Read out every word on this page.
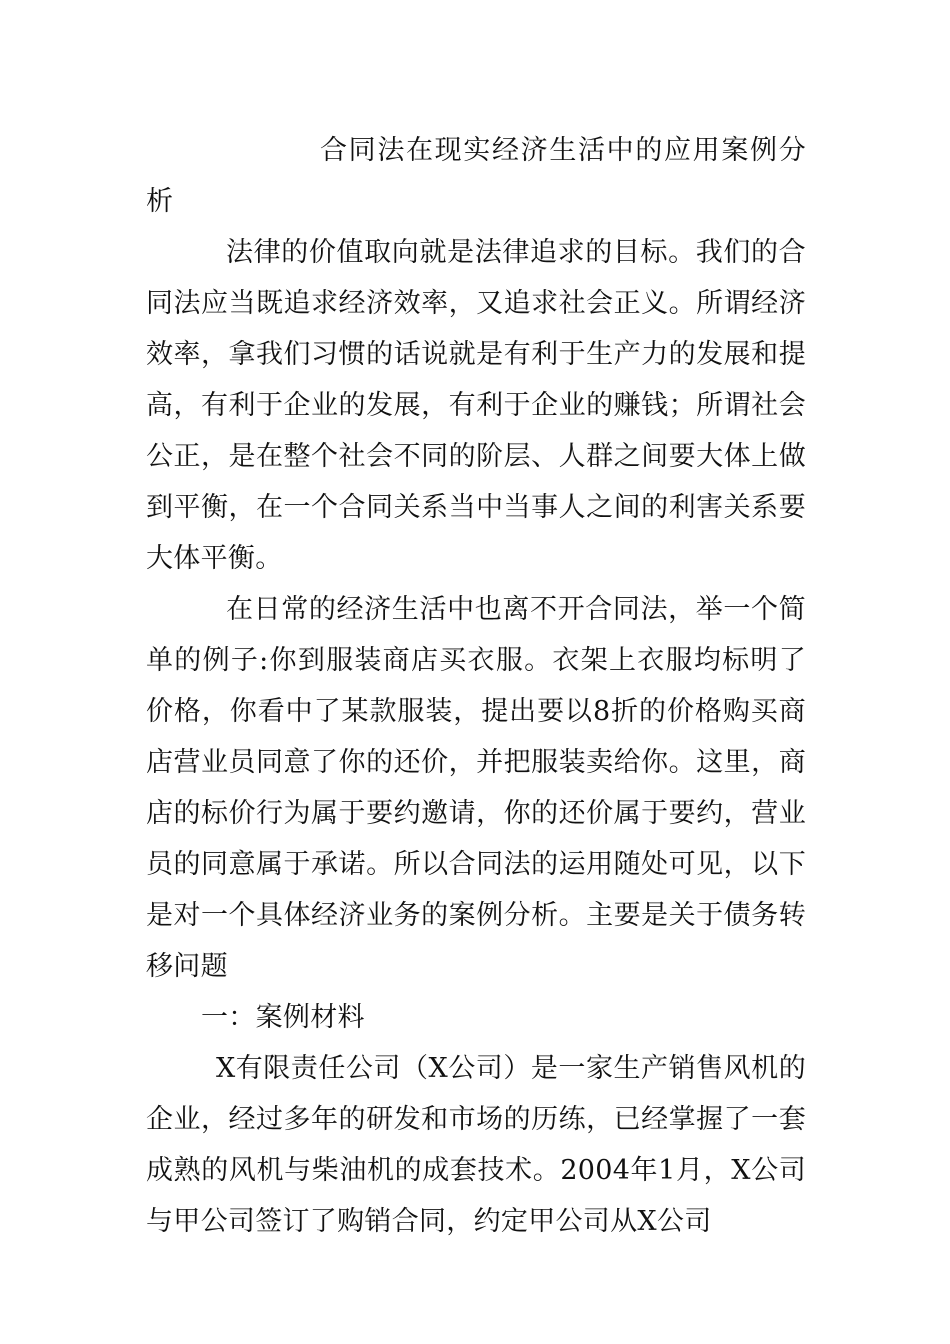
合同法在现实经济生活中的应用案例分析

法律的价值取向就是法律追求的目标。我们的合同法应当既追求经济效率，又追求社会正义。所谓经济效率，拿我们习惯的话说就是有利于生产力的发展和提高，有利于企业的发展，有利于企业的赚钱；所谓社会公正，是在整个社会不同的阶层、人群之间要大体上做到平衡，在一个合同关系当中当事人之间的利害关系要大体平衡。

在日常的经济生活中也离不开合同法，举一个简单的例子:你到服装商店买衣服。衣架上衣服均标明了价格，你看中了某款服装，提出要以8折的价格购买商店营业员同意了你的还价，并把服装卖给你。这里，商店的标价行为属于要约邀请，你的还价属于要约，营业员的同意属于承诺。所以合同法的运用随处可见，以下是对一个具体经济业务的案例分析。主要是关于债务转移问题

一：案例材料

X有限责任公司（X公司）是一家生产销售风机的企业，经过多年的研发和市场的历练，已经掌握了一套成熟的风机与柴油机的成套技术。2004年1月，X公司与甲公司签订了购销合同，约定甲公司从X公司
